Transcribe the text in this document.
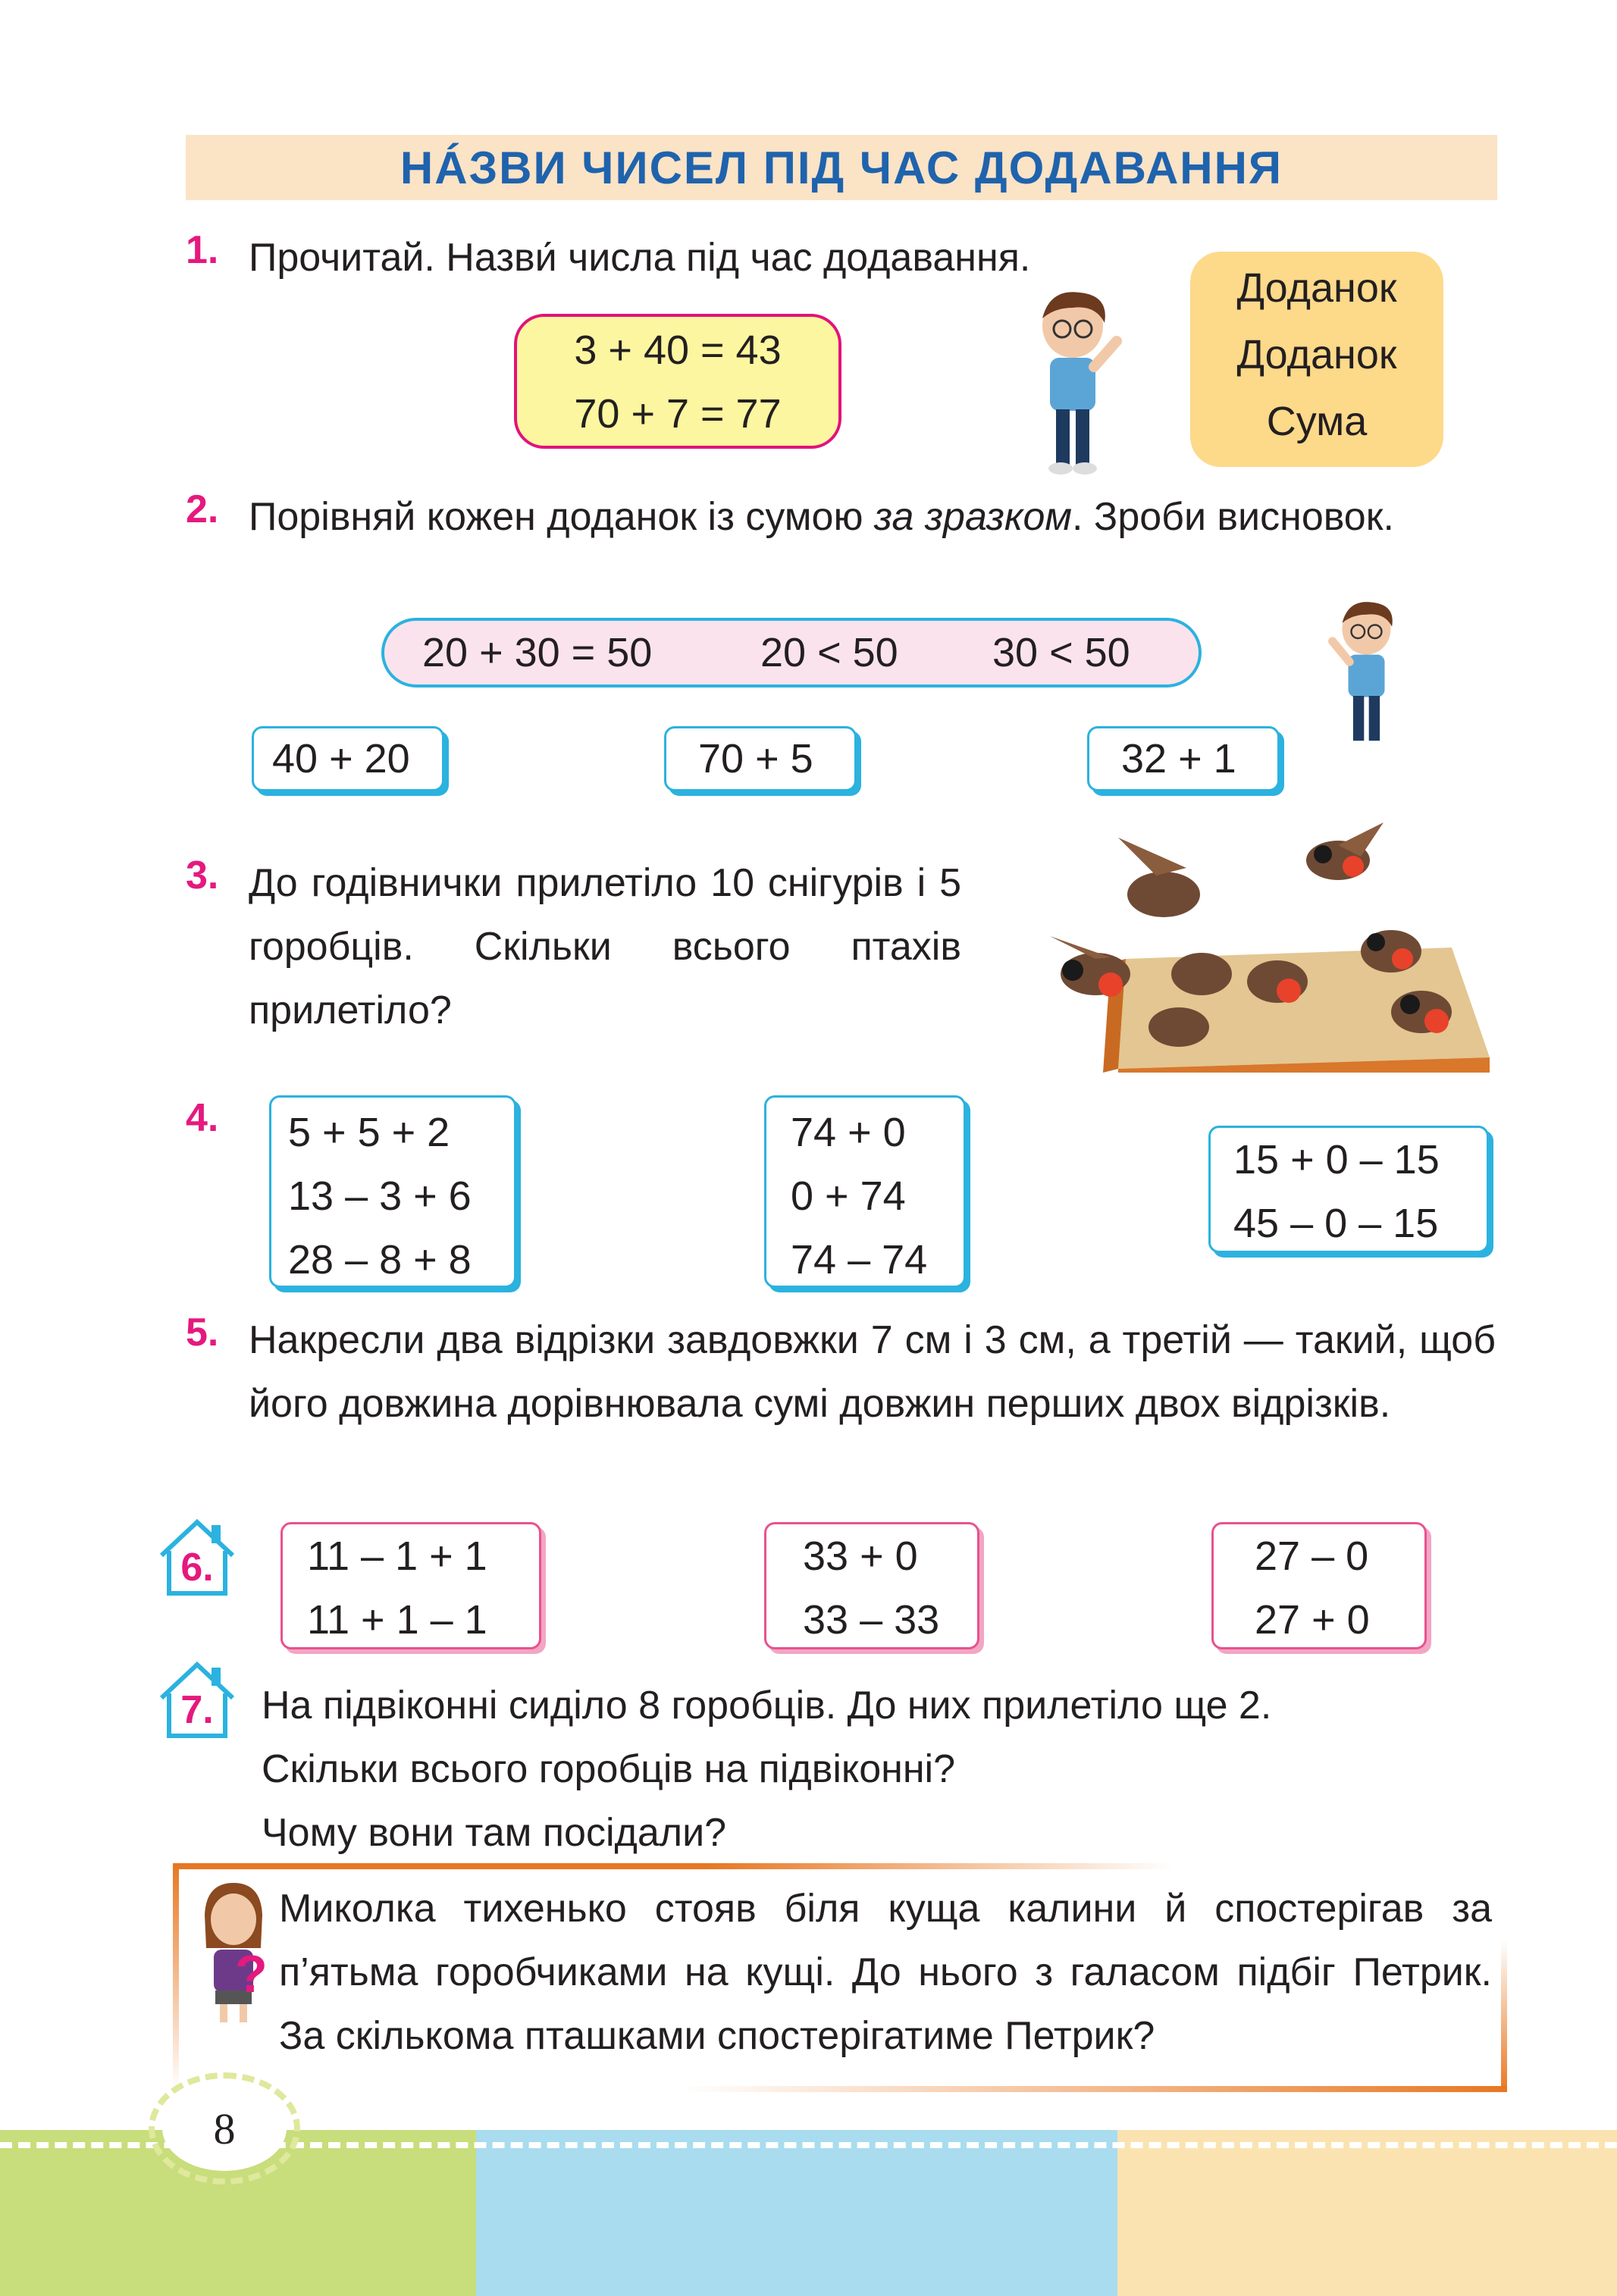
НÁЗВИ ЧИСЕЛ ПІД ЧАС ДОДАВАННЯ
1. Прочитай. Назви́ числа під час додавання.
3 + 40 = 43
70 + 7 = 77
Доданок
Доданок
Сума
2. Порівняй кожен доданок із сумою за зразком. Зроби висновок.
20 + 30 = 50	20 < 50 30 < 50
40 + 20	70 + 5	32 + 1
3. До годівнички прилетіло 10 снігурів і 5 горобців. Скільки всього птахів прилетіло?
4. 5 + 5 + 2
13 – 3 + 6
28 – 8 + 8
74 + 0
0 + 74
74 – 74
15 + 0 – 15
45 – 0 – 15
5. Накресли два відрізки завдовжки 7 см і 3 см, а третій — такий, щоб його довжина дорівнювала сумі довжин перших двох відрізків.
6.	11 – 1 + 1
11 + 1 – 1
33 + 0
33 – 33
27 – 0
27 + 0
7.	На підвіконні сиділо 8 горобців. До них прилетіло ще 2.
Скільки всього горобців на підвіконні?
Чому вони там посідали?
?
Миколка тихенько стояв біля куща калини й спостерігав за п’ятьма горобчиками на кущі. До нього з галасом підбіг Петрик. За скількома пташками спостерігатиме Петрик?
8
